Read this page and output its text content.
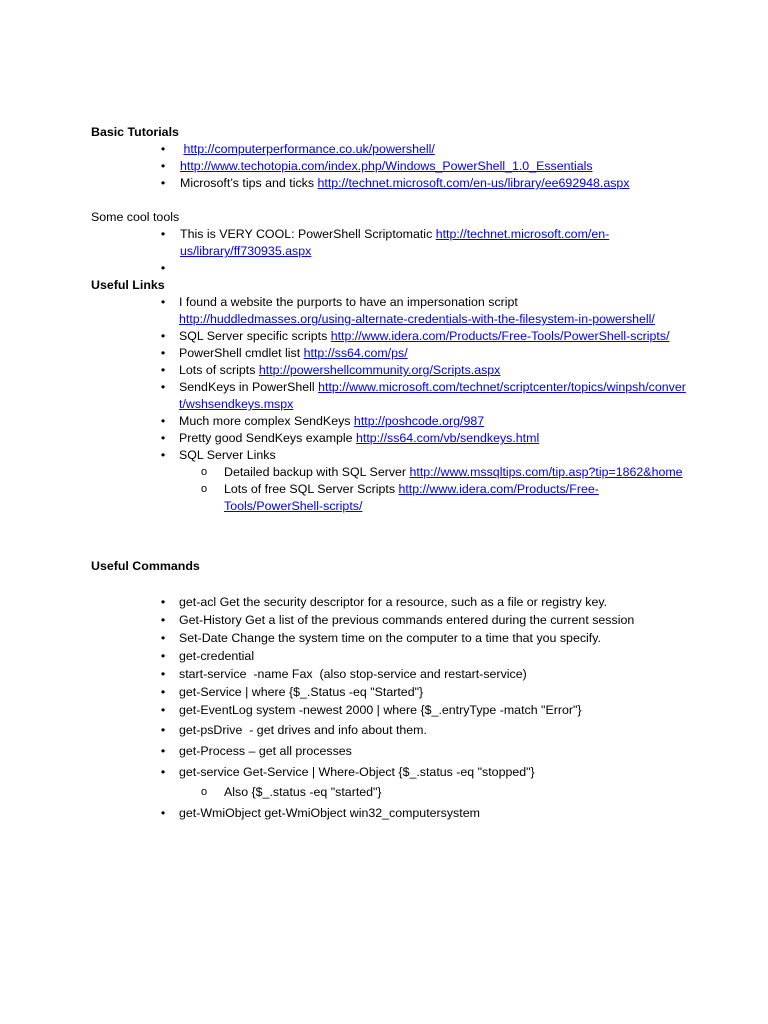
Basic Tutorials

• http://computerperformance.co.uk/powershell/
• http://www.techotopia.com/index.php/Windows_PowerShell_1.0_Essentials
• Microsoft’s tips and ticks http://technet.microsoft.com/en-us/library/ee692948.aspx

Some cool tools

• This is VERY COOL: PowerShell Scriptomatic http://technet.microsoft.com/en-us/library/ff730935.aspx
•

Useful Links

• I found a website the purports to have an impersonation script http://huddledmasses.org/using-alternate-credentials-with-the-filesystem-in-powershell/
• SQL Server specific scripts http://www.idera.com/Products/Free-Tools/PowerShell-scripts/
• PowerShell cmdlet list http://ss64.com/ps/
• Lots of scripts http://powershellcommunity.org/Scripts.aspx
• SendKeys in PowerShell http://www.microsoft.com/technet/scriptcenter/topics/winpsh/convert/wshsendkeys.mspx
• Much more complex SendKeys http://poshcode.org/987
• Pretty good SendKeys example http://ss64.com/vb/sendkeys.html
• SQL Server Links
o Detailed backup with SQL Server http://www.mssqltips.com/tip.asp?tip=1862&home
o Lots of free SQL Server Scripts http://www.idera.com/Products/Free-Tools/PowerShell-scripts/

Useful Commands

• get-acl Get the security descriptor for a resource, such as a file or registry key.
• Get-History Get a list of the previous commands entered during the current session
• Set-Date Change the system time on the computer to a time that you specify.
• get-credential
• start-service  -name Fax  (also stop-service and restart-service)
• get-Service | where {$_.Status -eq "Started"}
• get-EventLog system -newest 2000 | where {$_.entryType -match "Error"}
• get-psDrive  - get drives and info about them.
• get-Process – get all processes
• get-service Get-Service | Where-Object {$_.status -eq "stopped"}
o Also {$_.status -eq "started"}
• get-WmiObject get-WmiObject win32_computersystem
